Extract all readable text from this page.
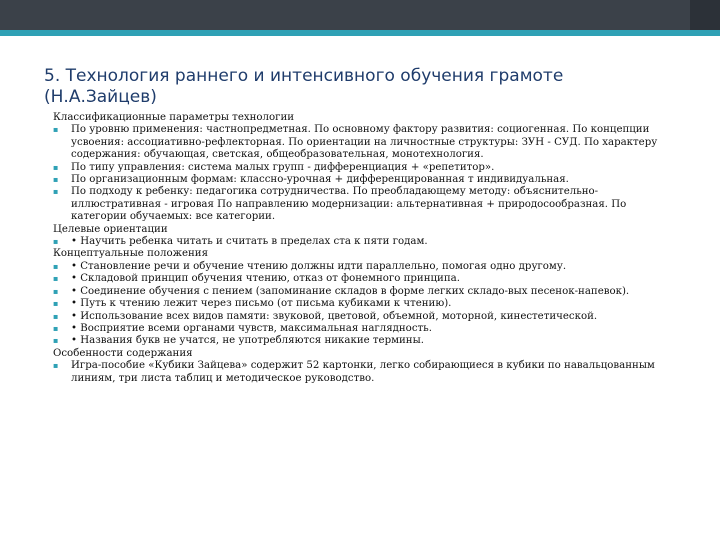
5. Технология раннего и интенсивного обучения грамоте
(Н.А.Зайцев)

Классификационные параметры технологии

▪ По уровню применения: частнопредметная. По основному фактору развития: социогенная. По концепции усвоения: ассоциативно-рефлекторная. По ориентации на личностные структуры: ЗУН - СУД. По характеру содержания: обучающая, светская, общеобразовательная, монотехнология.
▪ По типу управления: система малых групп - дифференциация + «репетитор».
▪ По организационным формам: классно-урочная + дифференцированная т индивидуальная.
▪ По подходу к ребенку: педагогика сотрудничества. По преобладающему методу: объяснительно-иллюстративная - игровая По направлению модернизации: альтернативная + природосообразная. По категории обучаемых: все категории.

Целевые ориентации

▪ • Научить ребенка читать и считать в пределах ста к пяти годам.

Концептуальные положения

▪ • Становление речи и обучение чтению должны идти параллельно, помогая одно другому.
▪ • Складовой принцип обучения чтению, отказ от фонемного принципа.
▪ • Соединение обучения с пением (запоминание складов в форме легких складо-вых песенок-напевок).
▪ • Путь к чтению лежит через письмо (от письма кубиками к чтению).
▪ • Использование всех видов памяти: звуковой, цветовой, объемной, моторной, кинестетической.
▪ • Восприятие всеми органами чувств, максимальная наглядность.
▪ • Названия букв не учатся, не употребляются никакие термины.

Особенности содержания

▪ Игра-пособие «Кубики Зайцева» содержит 52 картонки, легко собирающиеся в кубики по навальцованным линиям, три листа таблиц и методическое руководство.
